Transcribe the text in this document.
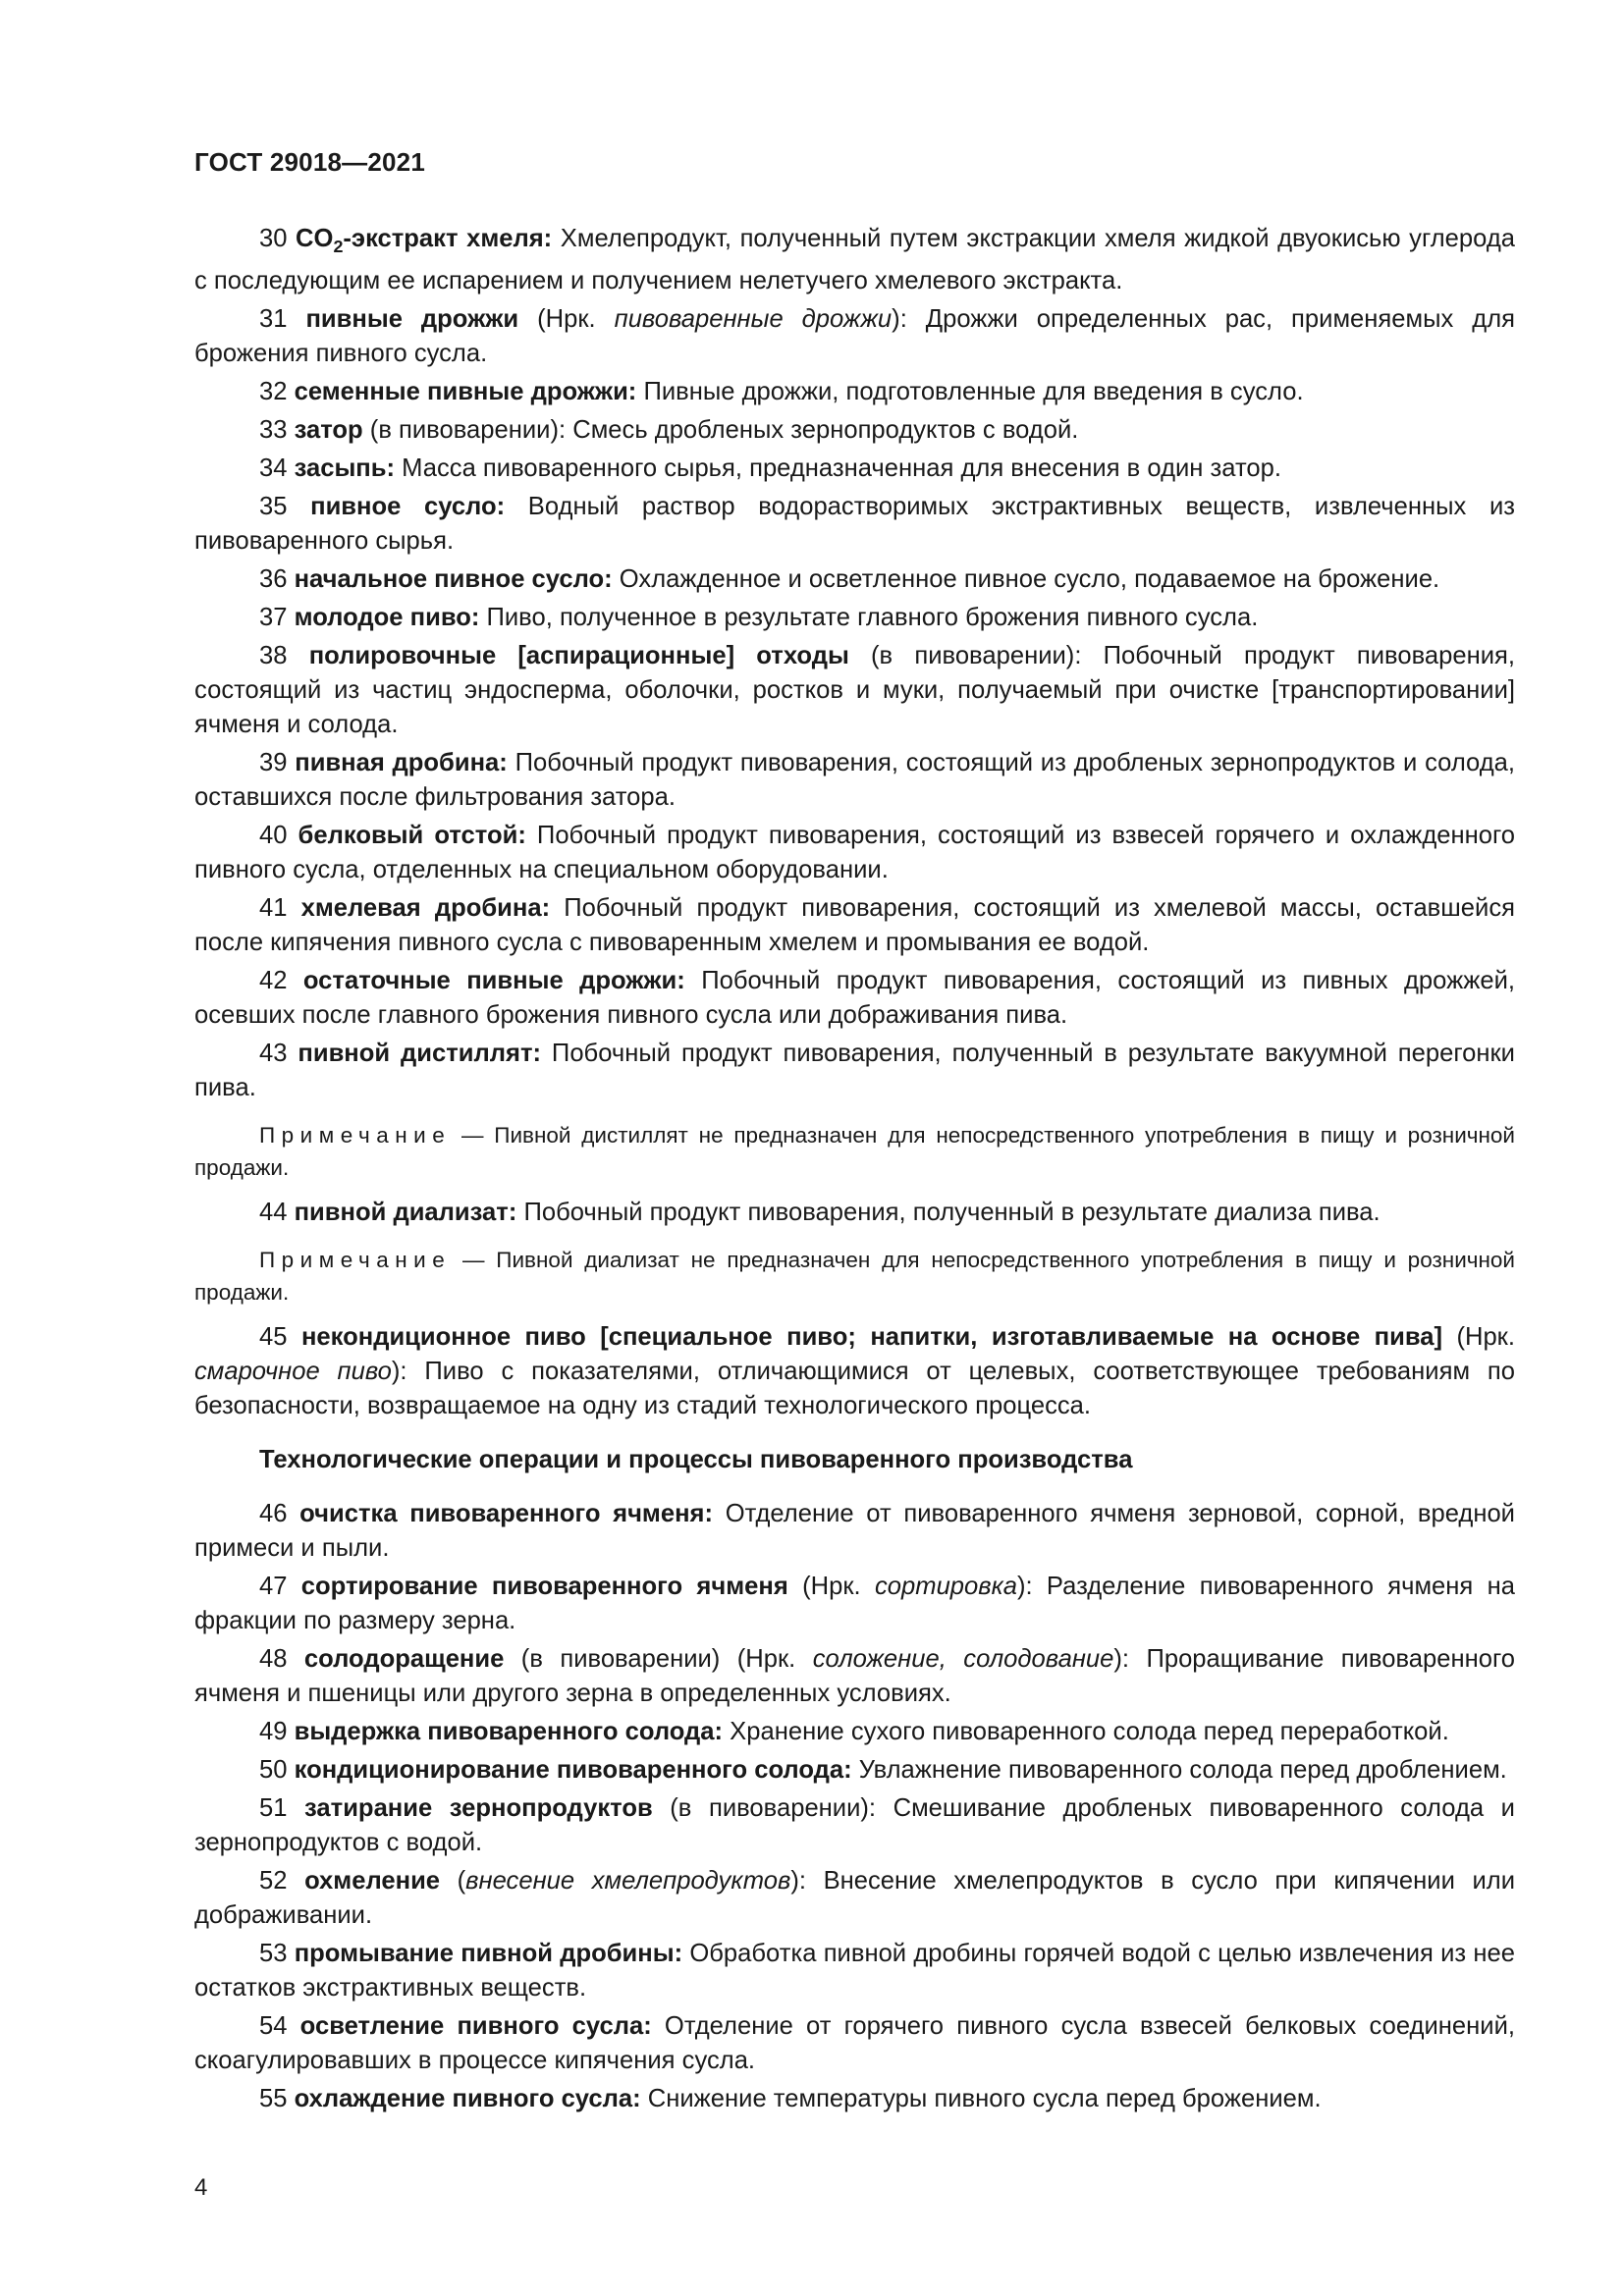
ГОСТ 29018—2021

30 $CO_2$-экстракт хмеля: Хмелепродукт, полученный путем экстракции хмеля жидкой двуокисью углерода с последующим ее испарением и получением нелетучего хмелевого экстракта.

31 пивные дрожжи (Нрк. пивоваренные дрожжи): Дрожжи определенных рас, применяемых для брожения пивного сусла.

32 семенные пивные дрожжи: Пивные дрожжи, подготовленные для введения в сусло.

33 затор (в пивоварении): Смесь дробленых зернопродуктов с водой.

34 засыпь: Масса пивоваренного сырья, предназначенная для внесения в один затор.

35 пивное сусло: Водный раствор водорастворимых экстрактивных веществ, извлеченных из пивоваренного сырья.

36 начальное пивное сусло: Охлажденное и осветленное пивное сусло, подаваемое на брожение.

37 молодое пиво: Пиво, полученное в результате главного брожения пивного сусла.

38 полировочные [аспирационные] отходы (в пивоварении): Побочный продукт пивоварения, состоящий из частиц эндосперма, оболочки, ростков и муки, получаемый при очистке [транспортировании] ячменя и солода.

39 пивная дробина: Побочный продукт пивоварения, состоящий из дробленых зернопродуктов и солода, оставшихся после фильтрования затора.

40 белковый отстой: Побочный продукт пивоварения, состоящий из взвесей горячего и охлажденного пивного сусла, отделенных на специальном оборудовании.

41 хмелевая дробина: Побочный продукт пивоварения, состоящий из хмелевой массы, оставшейся после кипячения пивного сусла с пивоваренным хмелем и промывания ее водой.

42 остаточные пивные дрожжи: Побочный продукт пивоварения, состоящий из пивных дрожжей, осевших после главного брожения пивного сусла или дображивания пива.

43 пивной дистиллят: Побочный продукт пивоварения, полученный в результате вакуумной перегонки пива.

Примечание — Пивной дистиллят не предназначен для непосредственного употребления в пищу и розничной продажи.

44 пивной диализат: Побочный продукт пивоварения, полученный в результате диализа пива.

Примечание — Пивной диализат не предназначен для непосредственного употребления в пищу и розничной продажи.

45 некондиционное пиво [специальное пиво; напитки, изготавливаемые на основе пива] (Нрк. смарочное пиво): Пиво с показателями, отличающимися от целевых, соответствующее требованиям по безопасности, возвращаемое на одну из стадий технологического процесса.

Технологические операции и процессы пивоваренного производства

46 очистка пивоваренного ячменя: Отделение от пивоваренного ячменя зерновой, сорной, вредной примеси и пыли.

47 сортирование пивоваренного ячменя (Нрк. сортировка): Разделение пивоваренного ячменя на фракции по размеру зерна.

48 солодоращение (в пивоварении) (Нрк. соложение, солодование): Проращивание пивоваренного ячменя и пшеницы или другого зерна в определенных условиях.

49 выдержка пивоваренного солода: Хранение сухого пивоваренного солода перед переработкой.

50 кондиционирование пивоваренного солода: Увлажнение пивоваренного солода перед дроблением.

51 затирание зернопродуктов (в пивоварении): Смешивание дробленых пивоваренного солода и зернопродуктов с водой.

52 охмеление (внесение хмелепродуктов): Внесение хмелепродуктов в сусло при кипячении или дображивании.

53 промывание пивной дробины: Обработка пивной дробины горячей водой с целью извлечения из нее остатков экстрактивных веществ.

54 осветление пивного сусла: Отделение от горячего пивного сусла взвесей белковых соединений, скоагулировавших в процессе кипячения сусла.

55 охлаждение пивного сусла: Снижение температуры пивного сусла перед брожением.

4
